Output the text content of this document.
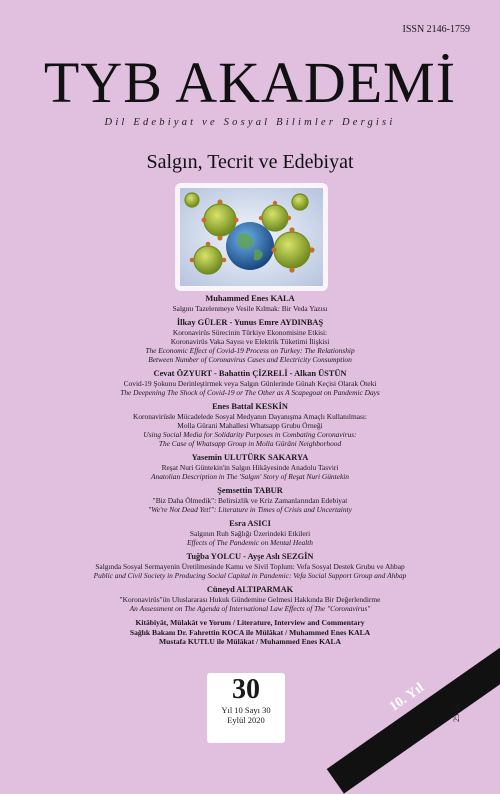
ISSN 2146-1759
TYB AKADEMİ
Dil Edebiyat ve Sosyal Bilimler Dergisi
Salgın, Tecrit ve Edebiyat
Muhammed Enes KALA
Salgını Tazelenmeye Vesile Kılmak: Bir Veda Yazısı
İlkay GÜLER - Yunus Emre AYDINBAŞ
Koronavirüs Sürecinin Türkiye Ekonomisine Etkisi:
Koronavirüs Vaka Sayısı ve Elektrik Tüketimi İlişkisi
The Economic Effect of Covid-19 Process on Turkey: The Relationship
Between Number of Coronavirus Cases and Electricity Consumption
Cevat ÖZYURT - Bahattin ÇİZRELİ - Alkan ÜSTÜN
Covid-19 Şokunu Derinleştirmek veya Salgın Günlerinde Günah Keçisi Olarak Öteki
The Deepening The Shock of Covid-19 or The Other as A Scapegoat on Pandemic Days
Enes Battal KESKİN
Koronavirüsle Mücadelede Sosyal Medyanın Dayanışma Amaçlı Kullanılması:
Molla Gürani Mahallesi Whatsapp Grubu Örneği
Using Social Media for Solidarity Purposes in Combating Coronavirus:
The Case of Whatsapp Group in Molla Gürâni Neighborhood
Yasemin ULUTÜRK SAKARYA
Reşat Nuri Güntekin'in Salgın Hikâyesinde Anadolu Tasviri
Anatolian Description in The 'Salgın' Story of Reşat Nuri Güntekin
Şemsettin TABUR
"Biz Daha Ölmedik": Belirsizlik ve Kriz Zamanlarından Edebiyat
"We're Not Dead Yet!": Literature in Times of Crisis and Uncertainty
Esra ASICI
Salgının Ruh Sağlığı Üzerindeki Etkileri
Effects of The Pandemic on Mental Health
Tuğba YOLCU - Ayşe Aslı SEZGİN
Salgında Sosyal Sermayenin Üretilmesinde Kamu ve Sivil Toplum: Vefa Sosyal Destek Grubu ve Ahbap
Public and Civil Society in Producing Social Capital in Pandemic: Vefa Social Support Group and Ahbap
Cüneyd ALTIPARMAK
"Koronavirüs"ün Uluslararası Hukuk Gündemine Gelmesi Hakkında Bir Değerlendirme
An Assessment on The Agenda of International Law Effects of The "Coronavirus"
Kitâbiyât, Mülakât ve Yorum / Literature, Interview and Commentary
Sağlık Bakanı Dr. Fahrettin KOCA ile Mülâkat / Muhammed Enes KALA
Mustafa KUTLU ile Mülâkat / Muhammed Enes KALA
30
Yıl 10 Sayı 30
Eylül 2020
10. Yıl	25 TL
